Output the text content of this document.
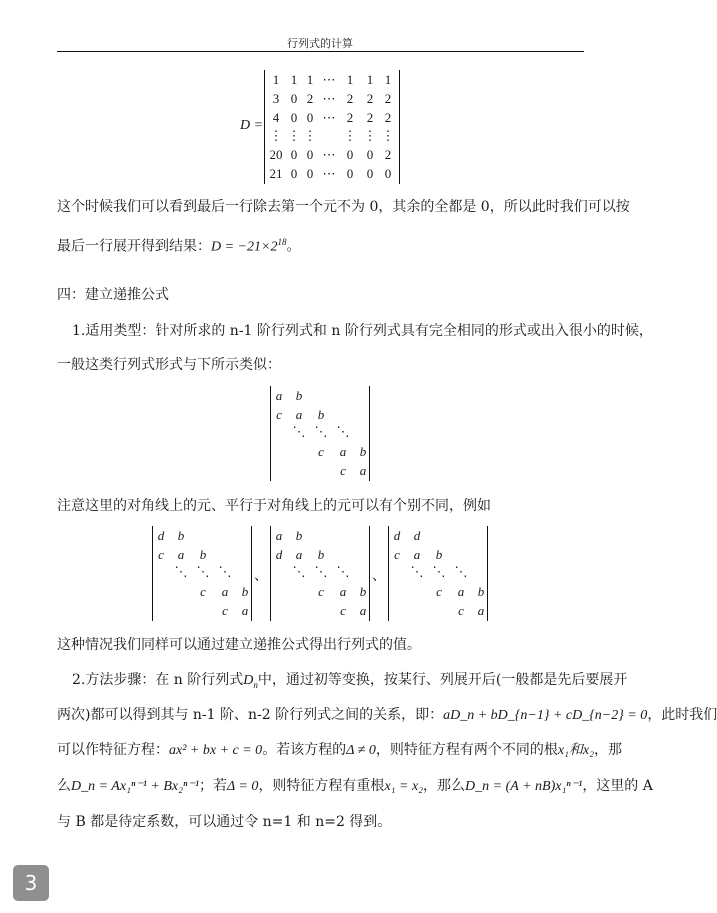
行列式的计算
D =
1 1 1 ⋯ 1 1 1
3 0 2 ⋯ 2 2 2
4 0 0 ⋯ 2 2 2
⋮ ⋮ ⋮ ⋮ ⋮ ⋮
20 0 0 ⋯ 0 0 2
21 0 0 ⋯ 0 0 0
这个时候我们可以看到最后一行除去第一个元不为 0，其余的全都是 0，所以此时我们可以按
最后一行展开得到结果：$D = -21\times 2^{18}$。
四：建立递推公式
1.适用类型：针对所求的 n-1 阶行列式和 n 阶行列式具有完全相同的形式或出入很小的时候，
一般这类行列式形式与下所示类似：
a b
c a b
⋱ ⋱ ⋱
c a b
c a
注意这里的对角线上的元、平行于对角线上的元可以有个别不同，例如
d b
c a b
⋱ ⋱ ⋱
c a b
c a
、
a b
d a b
⋱ ⋱ ⋱
c a b
c a
、
d d
c a b
⋱ ⋱ ⋱
c a b
c a
这种情况我们同样可以通过建立递推公式得出行列式的值。
2.方法步骤：在 n 阶行列式$D_n$中，通过初等变换，按某行、列展开后(一般都是先后要展开
两次)都可以得到其与 n-1 阶、n-2 阶行列式之间的关系，即：aD_n + bD_{n−1} + cD_{n−2} = 0，此时我们
可以作特征方程：ax² + bx + c = 0。若该方程的Δ ≠ 0，则特征方程有两个不同的根x₁和x₂，那
么D_n = Ax₁ⁿ⁻¹ + Bx₂ⁿ⁻¹；若Δ = 0，则特征方程有重根x₁ = x₂，那么D_n = (A + nB)x₁ⁿ⁻¹，这里的 A
与 B 都是待定系数，可以通过令 n=1 和 n=2 得到。
3
